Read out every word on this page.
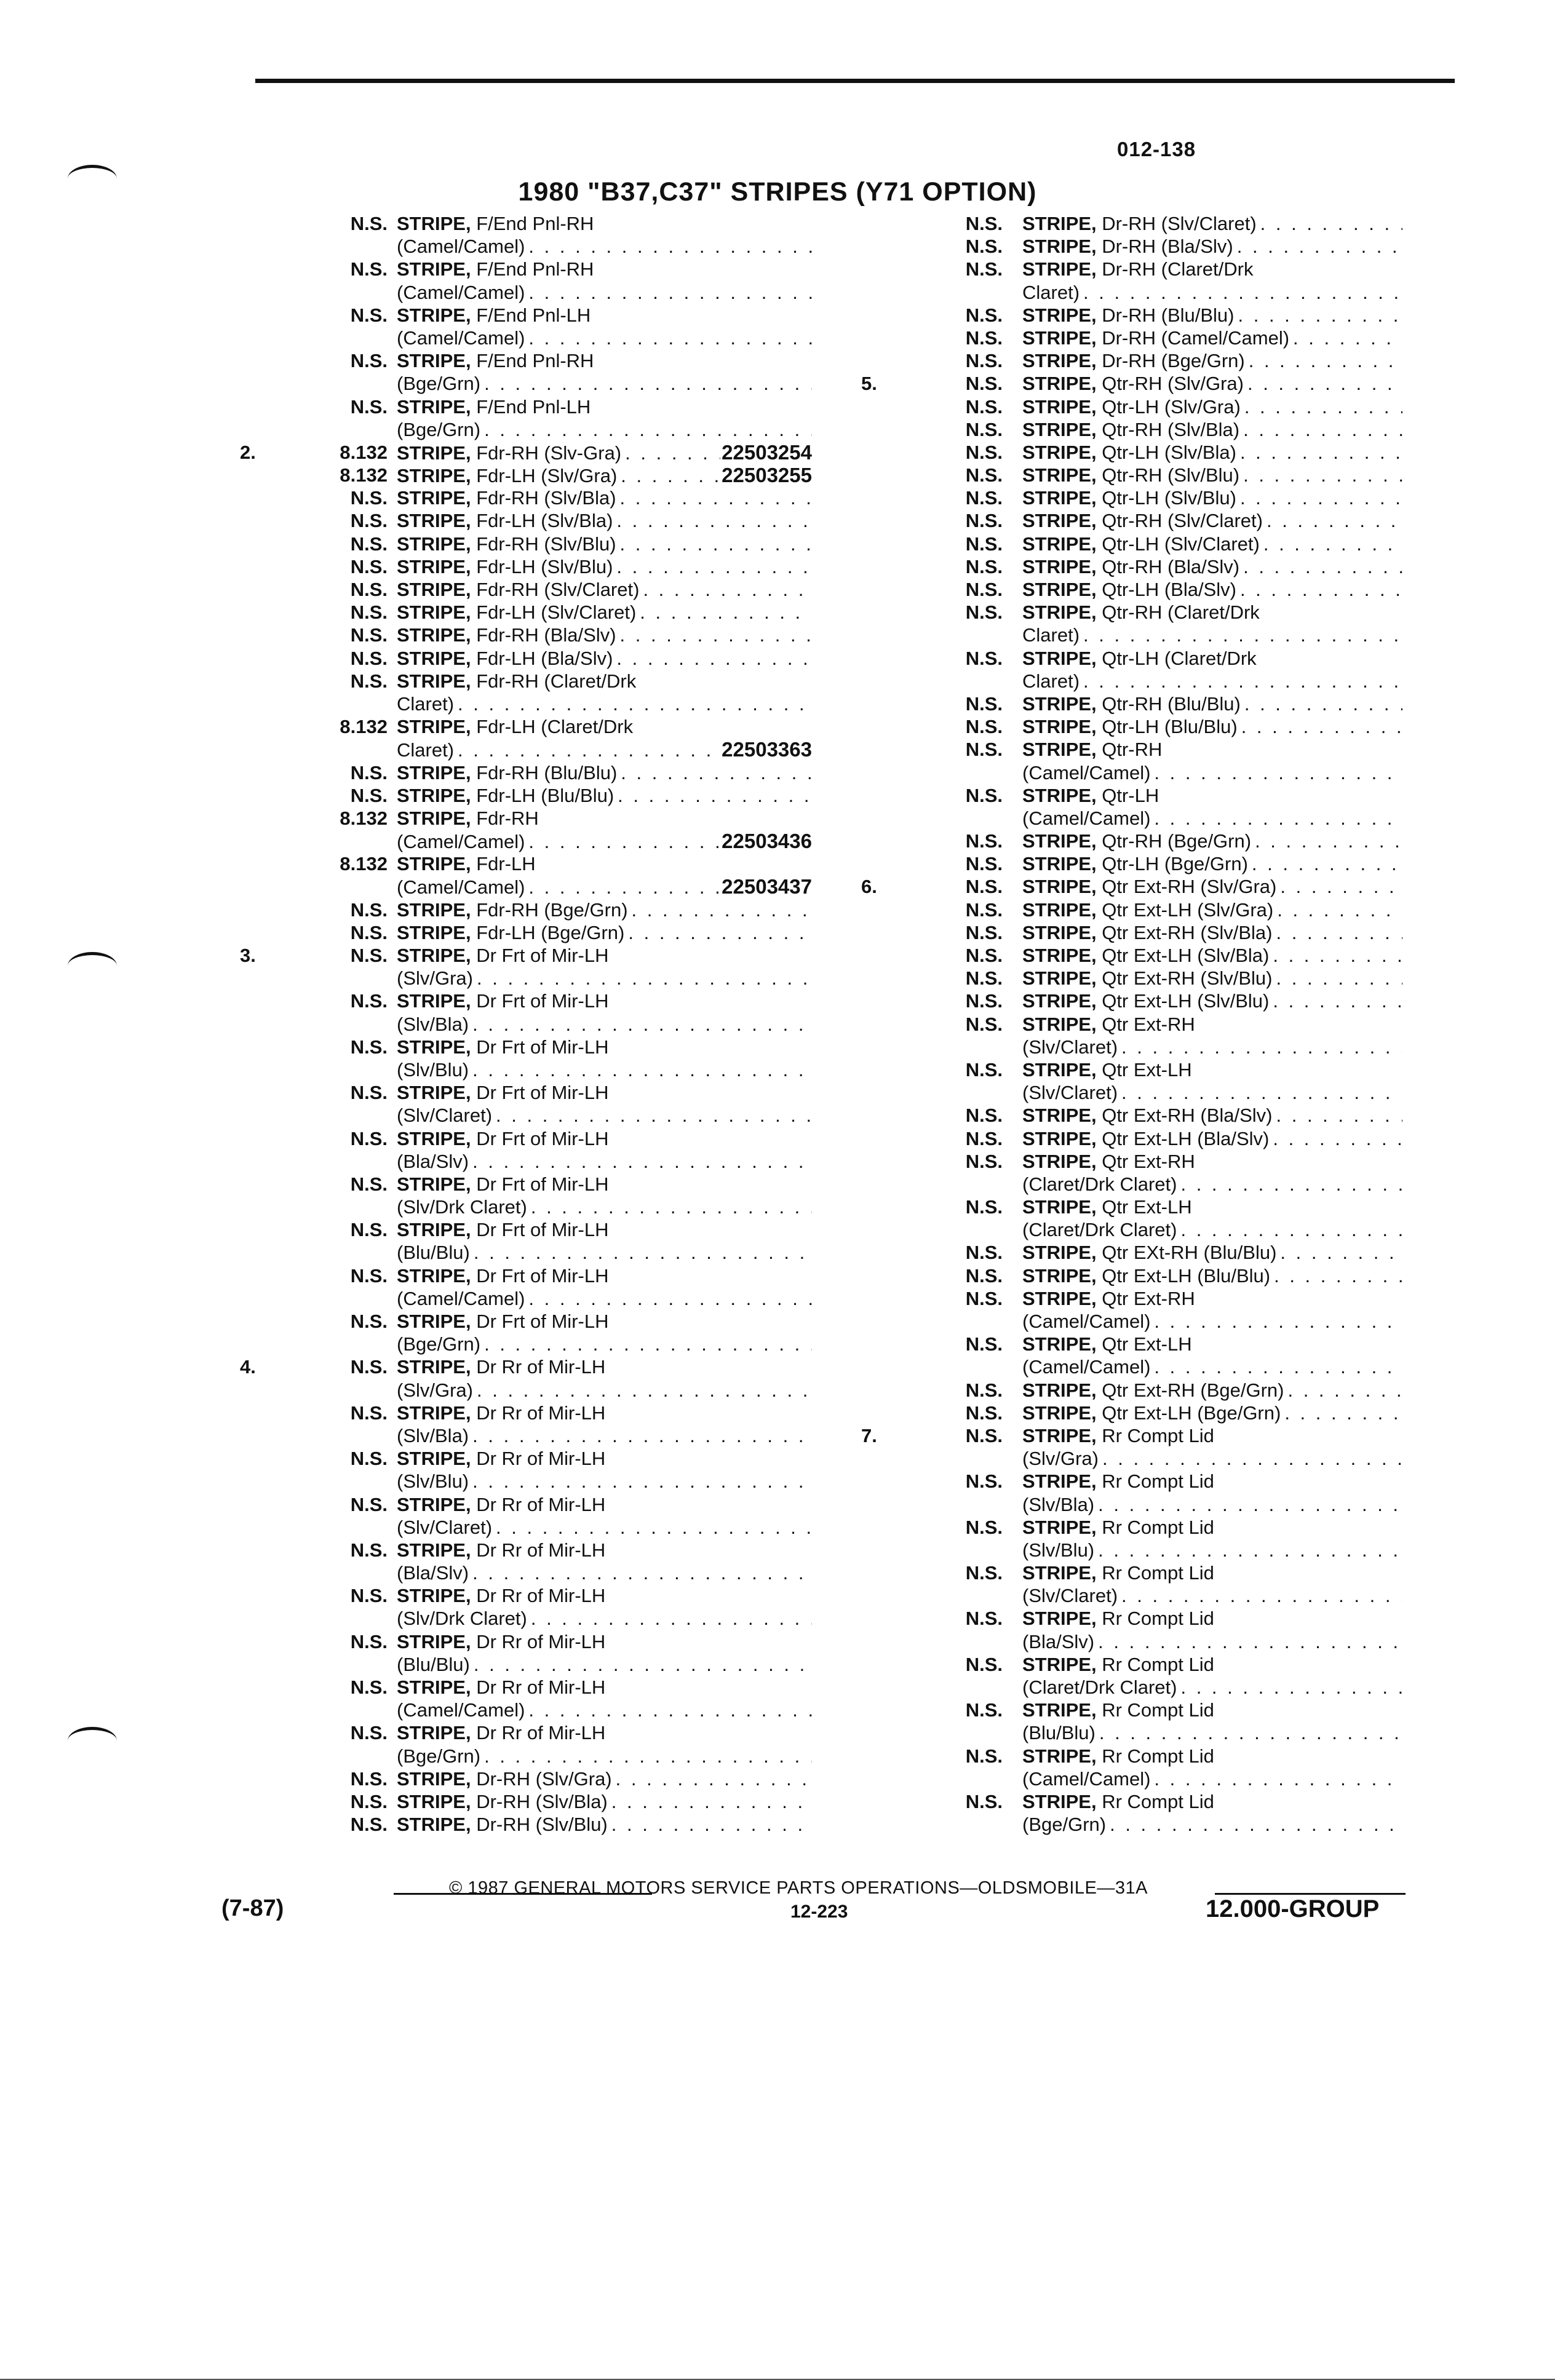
012-138
1980 "B37,C37" STRIPES (Y71 OPTION)
N.S. STRIPE, F/End Pnl-RH
(Camel/Camel)
. . .
N.S. STRIPE, F/End Pnl-RH
(Camel/Camel)
. . .
N.S. STRIPE, F/End Pnl-LH
(Camel/Camel)
. . .
N.S. STRIPE, F/End Pnl-RH
(Bge/Grn)
. . .
N.S. STRIPE, F/End Pnl-LH
(Bge/Grn)
. . .
2.	8.132 STRIPE, Fdr-RH (Slv-Gra) . . .	22503254
8.132 STRIPE, Fdr-LH (Slv/Gra) . . .	22503255
N.S. STRIPE, Fdr-RH (Slv/Bla)
. . .
N.S. STRIPE, Fdr-LH (Slv/Bla)
. . .
N.S. STRIPE, Fdr-RH (Slv/Blu)
. . .
N.S. STRIPE, Fdr-LH (Slv/Blu)
. . .
N.S. STRIPE, Fdr-RH (Slv/Claret)
. . .
N.S. STRIPE, Fdr-LH (Slv/Claret)
. . .
N.S. STRIPE, Fdr-RH (Bla/Slv)
. . .
N.S. STRIPE, Fdr-LH (Bla/Slv)
. . .
N.S. STRIPE, Fdr-RH (Claret/Drk
Claret)
. . .
8.132 STRIPE, Fdr-LH (Claret/Drk
Claret) . . .	22503363
N.S. STRIPE, Fdr-RH (Blu/Blu)
. . .
N.S. STRIPE, Fdr-LH (Blu/Blu)
. . .
8.132 STRIPE, Fdr-RH
(Camel/Camel) . . .	22503436
8.132 STRIPE, Fdr-LH
(Camel/Camel) . . .	22503437
N.S. STRIPE, Fdr-RH (Bge/Grn)
. . .
N.S. STRIPE, Fdr-LH (Bge/Grn)
. . .
3.	N.S. STRIPE, Dr Frt of Mir-LH
(Slv/Gra)
. . .
N.S. STRIPE, Dr Frt of Mir-LH
(Slv/Bla)
. . .
N.S. STRIPE, Dr Frt of Mir-LH
(Slv/Blu)
. . .
N.S. STRIPE, Dr Frt of Mir-LH
(Slv/Claret)
. . .
N.S. STRIPE, Dr Frt of Mir-LH
(Bla/Slv)
. . .
N.S. STRIPE, Dr Frt of Mir-LH
(Slv/Drk Claret)
. . .
N.S. STRIPE, Dr Frt of Mir-LH
(Blu/Blu)
. . .
N.S. STRIPE, Dr Frt of Mir-LH
(Camel/Camel)
. . .
N.S. STRIPE, Dr Frt of Mir-LH
(Bge/Grn)
. . .
4.	N.S. STRIPE, Dr Rr of Mir-LH
(Slv/Gra)
. . .
N.S. STRIPE, Dr Rr of Mir-LH
(Slv/Bla)
. . .
N.S. STRIPE, Dr Rr of Mir-LH
(Slv/Blu)
. . .
N.S. STRIPE, Dr Rr of Mir-LH
(Slv/Claret)
. . .
N.S. STRIPE, Dr Rr of Mir-LH
(Bla/Slv)
. . .
N.S. STRIPE, Dr Rr of Mir-LH
(Slv/Drk Claret)
. . .
N.S. STRIPE, Dr Rr of Mir-LH
(Blu/Blu)
. . .
N.S. STRIPE, Dr Rr of Mir-LH
(Camel/Camel)
. . .
N.S. STRIPE, Dr Rr of Mir-LH
(Bge/Grn)
. . .
N.S. STRIPE, Dr-RH (Slv/Gra)
. . .
N.S. STRIPE, Dr-RH (Slv/Bla)
. . .
N.S. STRIPE, Dr-RH (Slv/Blu)
. . .
N.S. STRIPE, Dr-RH (Slv/Claret)
. . .
N.S. STRIPE, Dr-RH (Bla/Slv)
. . .
N.S. STRIPE, Dr-RH (Claret/Drk
Claret)
. . .
N.S. STRIPE, Dr-RH (Blu/Blu)
. . .
N.S. STRIPE, Dr-RH (Camel/Camel)
. . .
N.S. STRIPE, Dr-RH (Bge/Grn)
. . .
5.	N.S. STRIPE, Qtr-RH (Slv/Gra)
. . .
N.S. STRIPE, Qtr-LH (Slv/Gra)
. . .
N.S. STRIPE, Qtr-RH (Slv/Bla)
. . .
N.S. STRIPE, Qtr-LH (Slv/Bla)
. . .
N.S. STRIPE, Qtr-RH (Slv/Blu)
. . .
N.S. STRIPE, Qtr-LH (Slv/Blu)
. . .
N.S. STRIPE, Qtr-RH (Slv/Claret)
. . .
N.S. STRIPE, Qtr-LH (Slv/Claret)
. . .
N.S. STRIPE, Qtr-RH (Bla/Slv)
. . .
N.S. STRIPE, Qtr-LH (Bla/Slv)
. . .
N.S. STRIPE, Qtr-RH (Claret/Drk
Claret)
. . .
N.S. STRIPE, Qtr-LH (Claret/Drk
Claret)
. . .
N.S. STRIPE, Qtr-RH (Blu/Blu)
. . .
N.S. STRIPE, Qtr-LH (Blu/Blu)
. . .
N.S. STRIPE, Qtr-RH
(Camel/Camel)
. . .
N.S. STRIPE, Qtr-LH
(Camel/Camel)
. . .
N.S. STRIPE, Qtr-RH (Bge/Grn)
. . .
N.S. STRIPE, Qtr-LH (Bge/Grn)
. . .
6.	N.S. STRIPE, Qtr Ext-RH (Slv/Gra)
. . .
N.S. STRIPE, Qtr Ext-LH (Slv/Gra)
. . .
N.S. STRIPE, Qtr Ext-RH (Slv/Bla)
. . .
N.S. STRIPE, Qtr Ext-LH (Slv/Bla)
. . .
N.S. STRIPE, Qtr Ext-RH (Slv/Blu)
. . .
N.S. STRIPE, Qtr Ext-LH (Slv/Blu)
. . .
N.S. STRIPE, Qtr Ext-RH
(Slv/Claret)
. . .
N.S. STRIPE, Qtr Ext-LH
(Slv/Claret)
. . .
N.S. STRIPE, Qtr Ext-RH (Bla/Slv)
. . .
N.S. STRIPE, Qtr Ext-LH (Bla/Slv)
. . .
N.S. STRIPE, Qtr Ext-RH
(Claret/Drk Claret)
. . .
N.S. STRIPE, Qtr Ext-LH
(Claret/Drk Claret)
. . .
N.S. STRIPE, Qtr EXt-RH (Blu/Blu)
. . .
N.S. STRIPE, Qtr Ext-LH (Blu/Blu)
. . .
N.S. STRIPE, Qtr Ext-RH
(Camel/Camel)
. . .
N.S. STRIPE, Qtr Ext-LH
(Camel/Camel)
. . .
N.S. STRIPE, Qtr Ext-RH (Bge/Grn)
. . .
N.S. STRIPE, Qtr Ext-LH (Bge/Grn)
. . .
7.	N.S. STRIPE, Rr Compt Lid
(Slv/Gra)
. . .
N.S. STRIPE, Rr Compt Lid
(Slv/Bla)
. . .
N.S. STRIPE, Rr Compt Lid
(Slv/Blu)
. . .
N.S. STRIPE, Rr Compt Lid
(Slv/Claret)
. . .
N.S. STRIPE, Rr Compt Lid
(Bla/Slv)
. . .
N.S. STRIPE, Rr Compt Lid
(Claret/Drk Claret)
. . .
N.S. STRIPE, Rr Compt Lid
(Blu/Blu)
. . .
N.S. STRIPE, Rr Compt Lid
(Camel/Camel)
. . .
N.S. STRIPE, Rr Compt Lid
(Bge/Grn)
. . .
© 1987 GENERAL MOTORS SERVICE PARTS OPERATIONS—OLDSMOBILE—31A
(7-87)	12-223	12.000-GROUP
